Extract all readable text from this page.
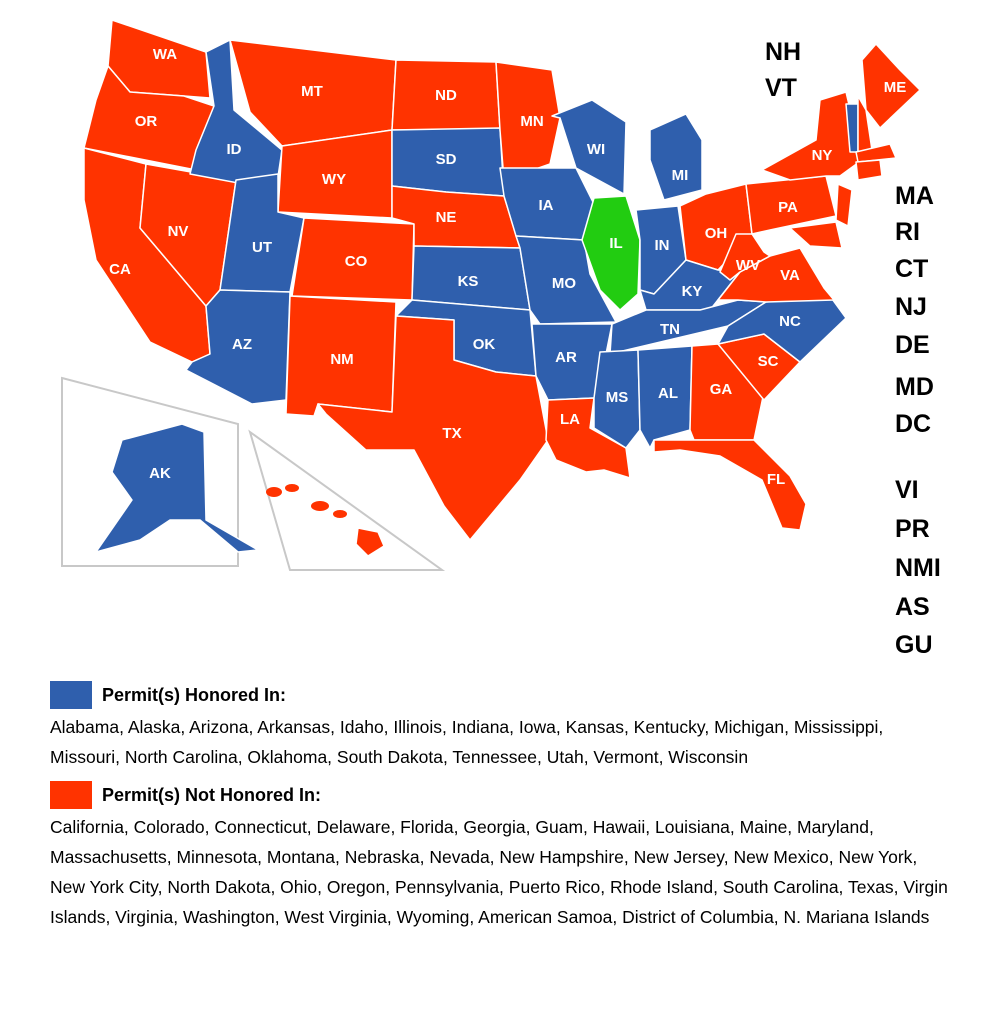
WA
OR
CA
NV
ID
MT
WY
UT
AZ
CO
NM
ND
SD
NE
KS
OK
TX
MN
IA
MO
AR
LA
WI
IL
MI
IN
OH
KY
TN
MS AL GA
FL
SC
NC
VA
WV
PA
NY
ME
AK
HI
NH
VT
MA
RI
CT
NJ
DE
MD
DC
VI
PR
NMI
AS
GU
Permit(s) Honored In:
Alabama, Alaska, Arizona, Arkansas, Idaho, Illinois, Indiana, Iowa, Kansas, Kentucky, Michigan, Mississippi, Missouri, North Carolina, Oklahoma, South Dakota, Tennessee, Utah, Vermont, Wisconsin
Permit(s) Not Honored In:
California, Colorado, Connecticut, Delaware, Florida, Georgia, Guam, Hawaii, Louisiana, Maine, Maryland, Massachusetts, Minnesota, Montana, Nebraska, Nevada, New Hampshire, New Jersey, New Mexico, New York, New York City, North Dakota, Ohio, Oregon, Pennsylvania, Puerto Rico, Rhode Island, South Carolina, Texas, Virgin Islands, Virginia, Washington, West Virginia, Wyoming, American Samoa, District of Columbia, N. Mariana Islands
